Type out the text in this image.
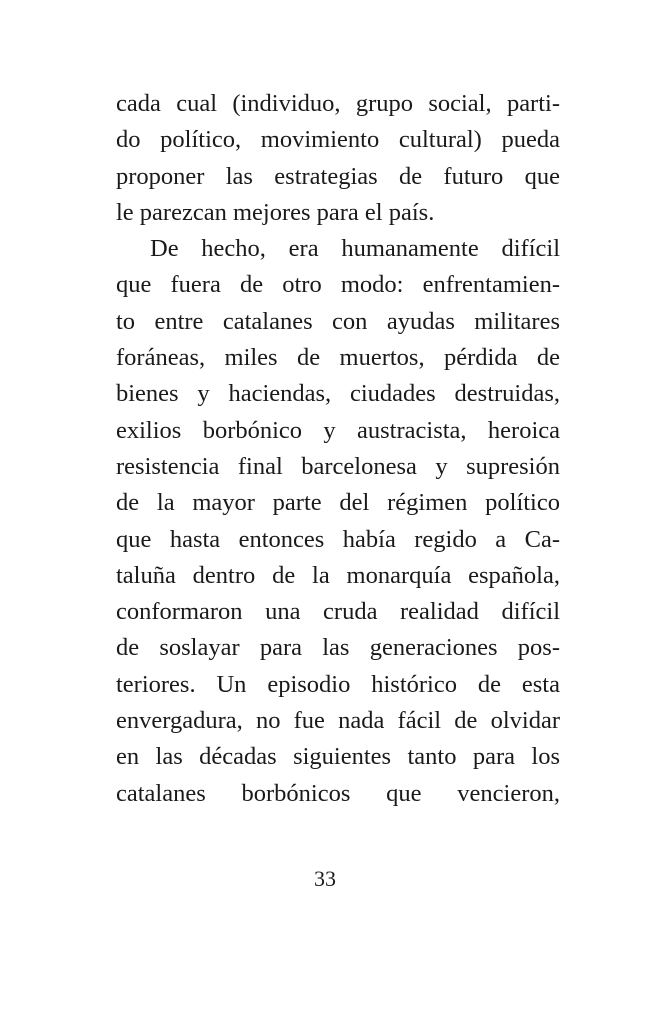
cada cual (individuo, grupo social, parti-
do político, movimiento cultural) pueda
proponer las estrategias de futuro que
le parezcan mejores para el país.
De hecho, era humanamente difícil
que fuera de otro modo: enfrentamien-
to entre catalanes con ayudas militares
foráneas, miles de muertos, pérdida de
bienes y haciendas, ciudades destruidas,
exilios borbónico y austracista, heroica
resistencia final barcelonesa y supresión
de la mayor parte del régimen político
que hasta entonces había regido a Ca-
taluña dentro de la monarquía española,
conformaron una cruda realidad difícil
de soslayar para las generaciones pos-
teriores. Un episodio histórico de esta
envergadura, no fue nada fácil de olvidar
en las décadas siguientes tanto para los
catalanes borbónicos que vencieron,
33
